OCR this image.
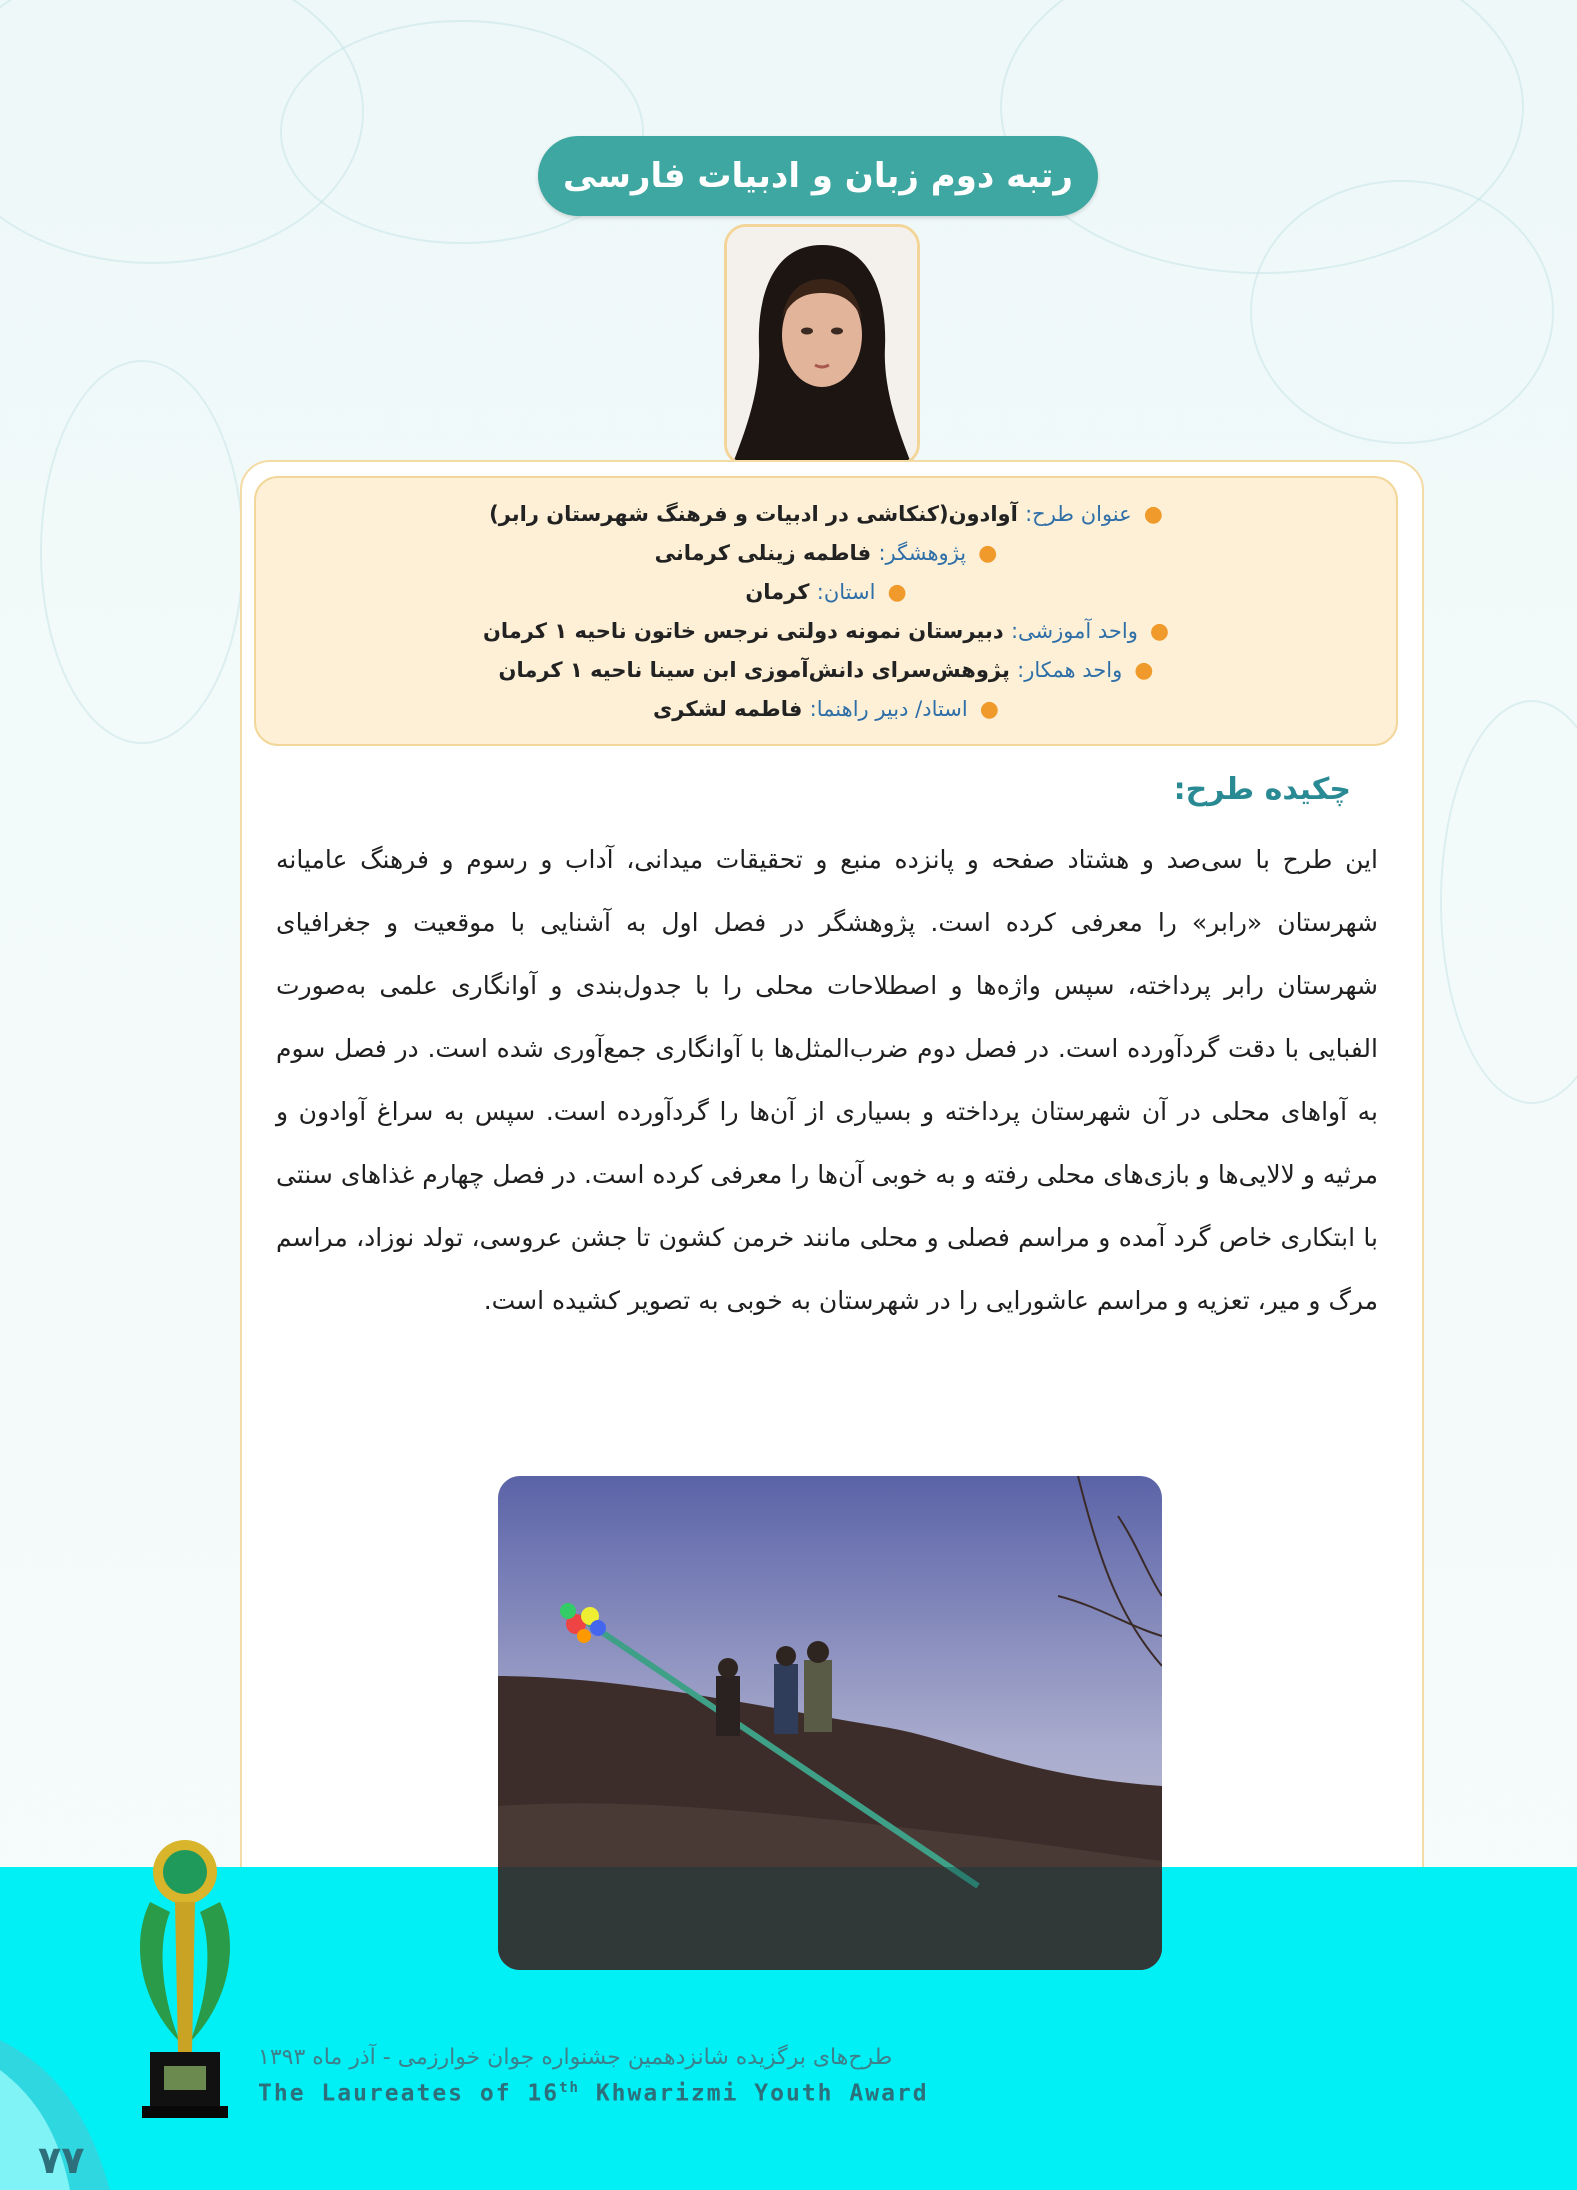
رتبه دوم زبان و ادبیات فارسی
●عنوان طرح: آوادون(کنکاشی در ادبیات و فرهنگ شهرستان رابر)
●پژوهشگر: فاطمه زینلی کرمانی
●استان: کرمان
●واحد آموزشی: دبیرستان نمونه دولتی نرجس خاتون ناحیه ۱ کرمان
●واحد همکار: پژوهش‌سرای دانش‌آموزی ابن سینا ناحیه ۱ کرمان
●استاد/ دبیر راهنما: فاطمه لشکری
چکیده طرح:
این طرح با سی‌صد و هشتاد صفحه و پانزده منبع و تحقیقات میدانی، آداب و رسوم و فرهنگ عامیانه شهرستان «رابر» را معرفی کرده است. پژوهشگر در فصل اول به آشنایی با موقعیت و جغرافیای شهرستان رابر پرداخته، سپس واژه‌ها و اصطلاحات محلی را با جدول‌بندی و آوانگاری علمی به‌صورت الفبایی با دقت گردآورده است. در فصل دوم ضرب‌المثل‌ها با آوانگاری جمع‌آوری شده است. در فصل سوم به آواهای محلی در آن شهرستان پرداخته و بسیاری از آن‌ها را گردآورده است. سپس به سراغ آوادون و مرثیه و لالایی‌ها و بازی‌های محلی رفته و به خوبی آن‌ها را معرفی کرده است. در فصل چهارم غذاهای سنتی با ابتکاری خاص گرد آمده و مراسم فصلی و محلی مانند خرمن کشون تا جشن عروسی، تولد نوزاد، مراسم مرگ و میر، تعزیه و مراسم عاشورایی را در شهرستان به خوبی به تصویر کشیده است.
طرح‌های برگزیده شانزدهمین جشنواره جوان خوارزمی - آذر ماه ۱۳۹۳
The Laureates of 16th Khwarizmi Youth Award
۷۷
